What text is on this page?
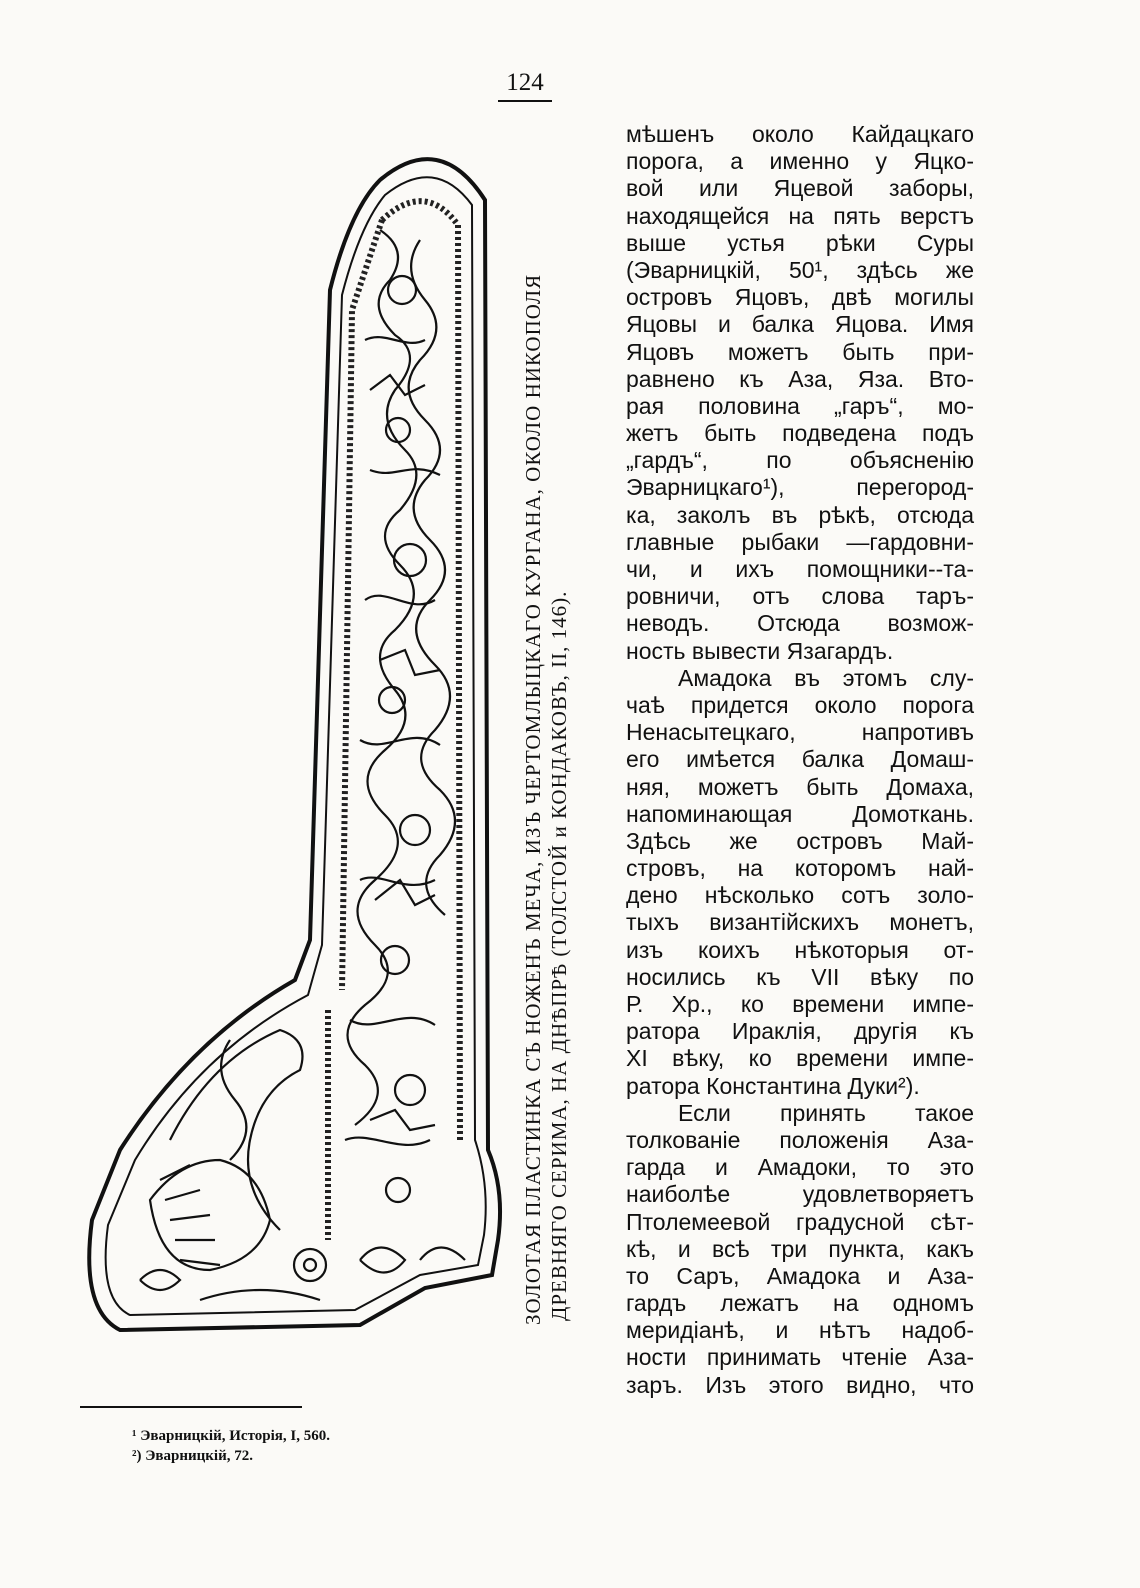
124
ЗОЛОТАЯ ПЛАСТИНКА СЪ НОЖЕНЪ МЕЧА, ИЗЪ ЧЕРТОМЛЫЦКАГО КУРГАНА, ОКОЛО НИКОПОЛЯ ДРЕВНЯГО СЕРИМА, НА ДНѢПРѢ (ТОЛСТОЙ и КОНДАКОВЪ, II, 146).
мѣшенъ около Кайдацкаго
порога, а именно у Яцко-
вой или Яцевой заборы,
находящейся на пять верстъ
выше устья рѣки Суры
(Эварницкій, 50¹, здѣсь же
островъ Яцовъ, двѣ могилы
Яцовы и балка Яцова. Имя
Яцовъ можетъ быть при-
равнено къ Аза, Яза. Вто-
рая половина „гаръ“, мо-
жетъ быть подведена подъ
„гардъ“, по объясненію
Эварницкаго¹), перегород-
ка, заколъ въ рѣкѣ, отсюда
главные рыбаки —гардовни-
чи, и ихъ помощники--та-
ровничи, отъ слова таръ-
неводъ. Отсюда возмож-
ность вывести Язагардъ.
Амадока въ этомъ слу-
чаѣ придется около порога
Ненасытецкаго, напротивъ
его имѣется балка Домаш-
няя, можетъ быть Домаха,
напоминающая Домоткань.
Здѣсь же островъ Май-
стровъ, на которомъ най-
дено нѣсколько сотъ золо-
тыхъ византійскихъ монетъ,
изъ коихъ нѣкоторыя от-
носились къ VII вѣку по
Р. Хр., ко времени импе-
ратора Ираклія, другія къ
XI вѣку, ко времени импе-
ратора Константина Дуки²).
Если принять такое
толкованіе положенія Аза-
гарда и Амадоки, то это
наиболѣе удовлетворяетъ
Птолемеевой градусной сѣт-
кѣ, и всѣ три пункта, какъ
то Саръ, Амадока и Аза-
гардъ лежатъ на одномъ
меридіанѣ, и нѣтъ надоб-
ности принимать чтеніе Аза-
заръ. Изъ этого видно, что
¹ Эварницкій, Исторія, I, 560.
²) Эварницкій, 72.
